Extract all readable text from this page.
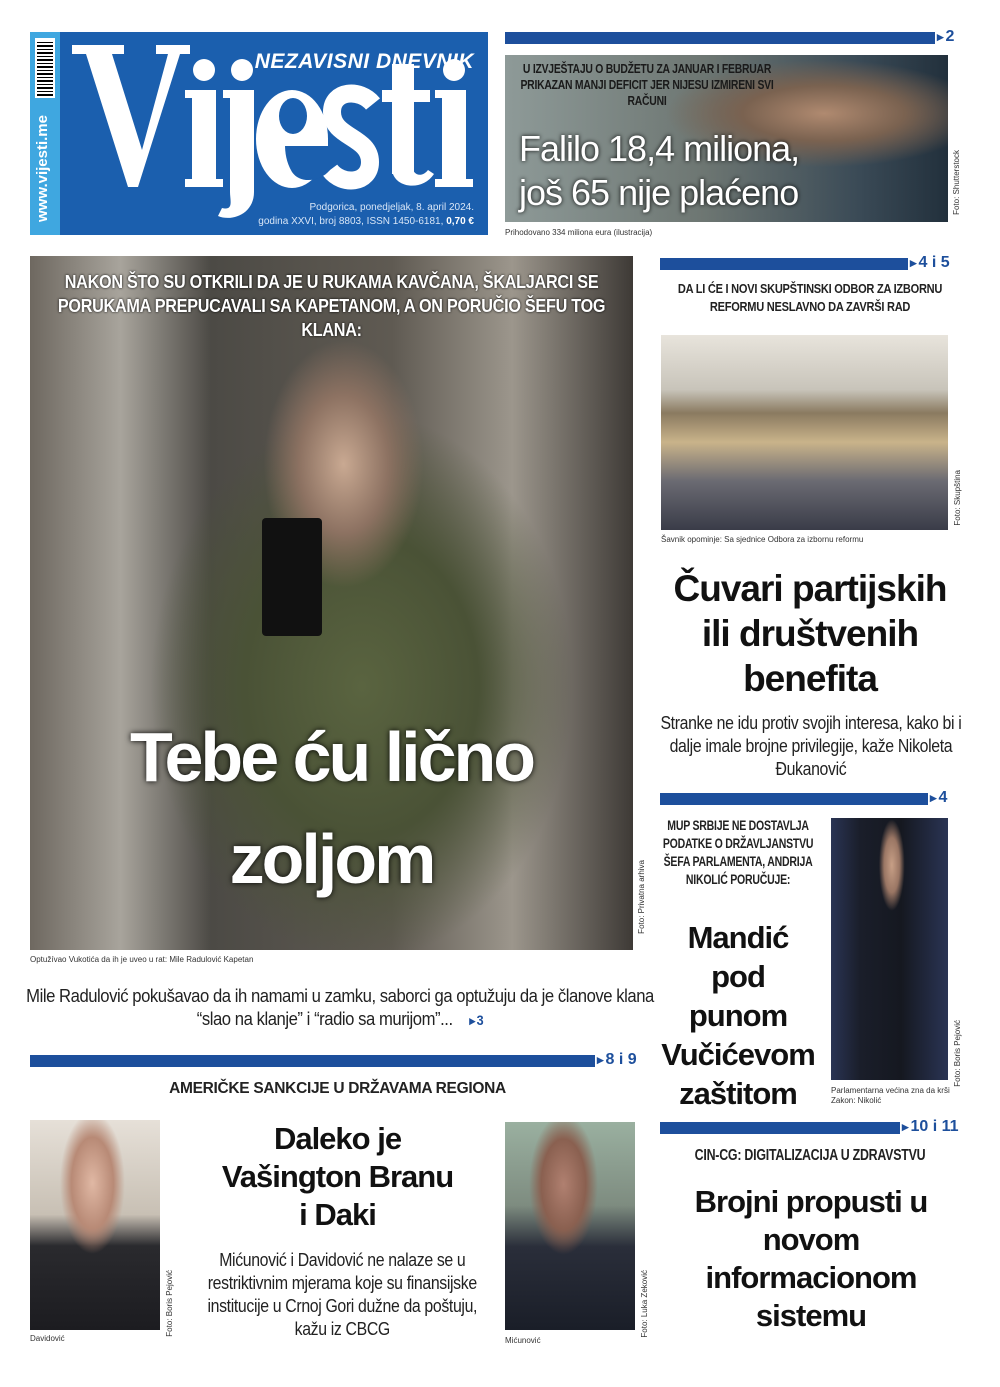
www.vijesti.me
NEZAVISNI DNEVNIK
Podgorica, ponedjeljak, 8. april 2024.
godina XXVI, broj 8803, ISSN 1450-6181, 0,70 €
▸ 2
U IZVJEŠTAJU O BUDŽETU ZA JANUAR I FEBRUAR PRIKAZAN MANJI DEFICIT JER NIJESU IZMIRENI SVI RAČUNI
Falilo 18,4 miliona,
još 65 nije plaćeno	Foto: Shutterstock
Prihodovano 334 miliona eura (ilustracija)
NAKON ŠTO SU OTKRILI DA JE U RUKAMA KAVČANA, ŠKALJARCI SE PORUKAMA PREPUCAVALI SA KAPETANOM, A ON PORUČIO ŠEFU TOG KLANA:
Tebe ću lično
zoljom	Foto: Privatna arhiva
Optužívao Vukotića da ih je uveo u rat: Mile Radulović Kapetan
Mile Radulović pokušavao da ih namami u zamku, saborci ga optužuju da je članove klana “slao na klanje” i “radio sa murijom”... ▸ 3
▸ 4 i 5
DA LI ĆE I NOVI SKUPŠTINSKI ODBOR ZA IZBORNU REFORMU NESLAVNO DA ZAVRŠI RAD
Foto: Skupština
Šavnik opominje: Sa sjednice Odbora za izbornu reformu
Čuvari partijskih ili društvenih benefita
Stranke ne idu protiv svojih interesa, kako bi i dalje imale brojne privilegije, kaže Nikoleta Đukanović
▸ 4
MUP SRBIJE NE DOSTAVLJA PODATKE O DRŽAVLJANSTVU ŠEFA PARLAMENTA, ANDRIJA NIKOLIĆ PORUČUJE:
Mandić pod punom Vučićevom zaštitom
Foto: Boris Pejović
Parlamentarna većina zna da krši Zakon: Nikolić
▸ 10 i 11
CIN-CG: DIGITALIZACIJA U ZDRAVSTVU
Brojni propusti u novom informacionom sistemu
▸ 8 i 9
AMERIČKE SANKCIJE U DRŽAVAMA REGIONA
Foto: Boris Pejović
Davidović
Daleko je Vašington Branu i Daki
Mićunović i Davidović ne nalaze se u restriktivnim mjerama koje su finansijske institucije u Crnoj Gori dužne da poštuju, kažu iz CBCG	Foto: Luka Zeković
Mićunović
